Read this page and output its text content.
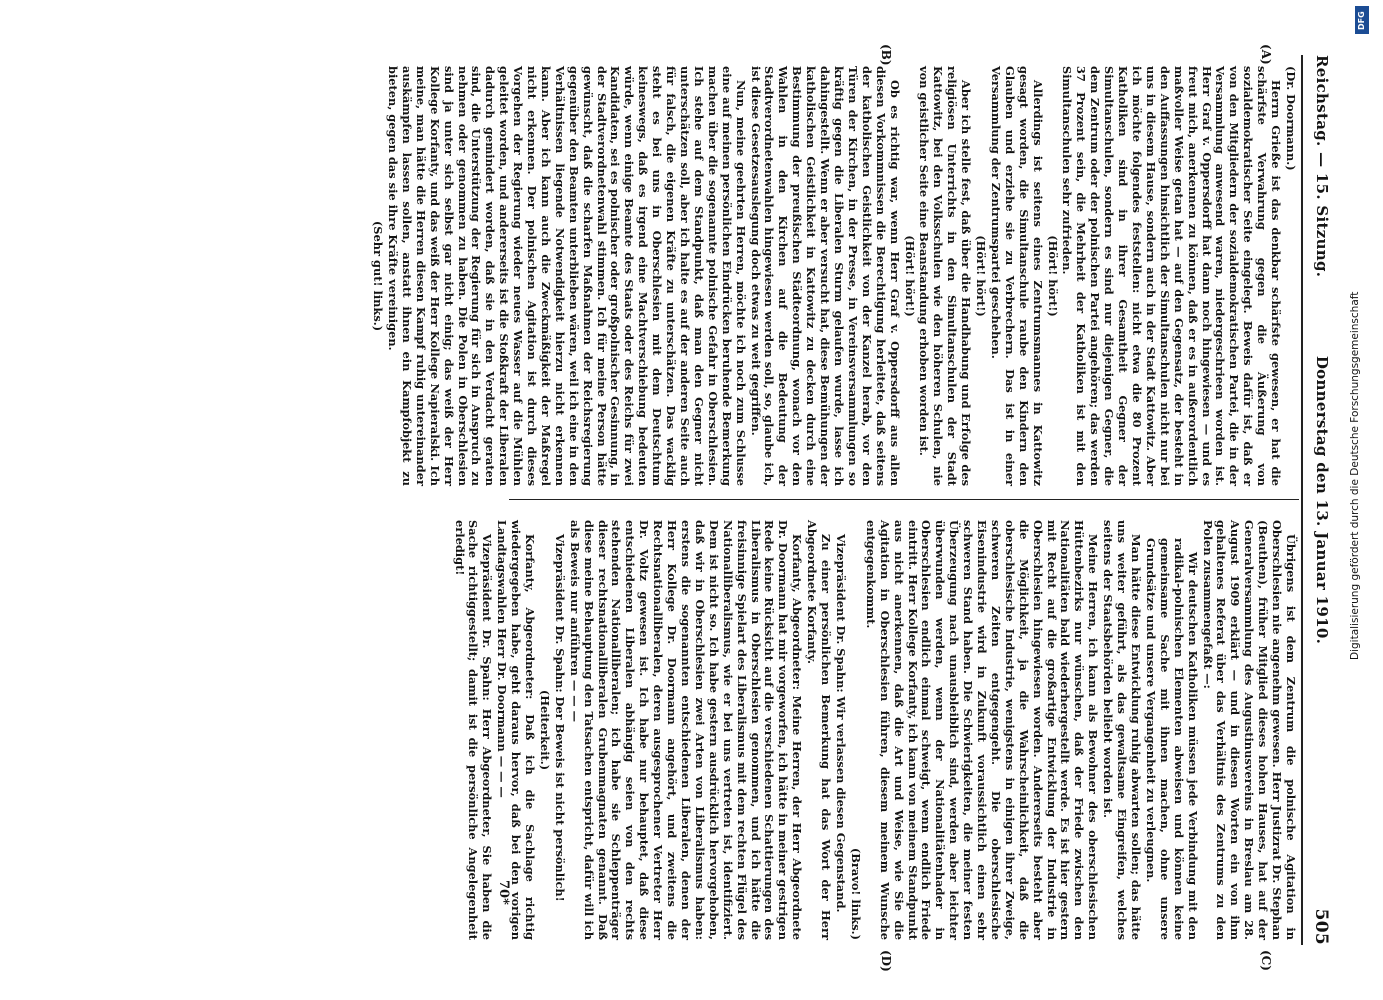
Reichstag. — 15. Sitzung.
Donnerstag den 13. Januar 1910.
505
(A)
(B)
(C)
(D)

(Dr. Doormann.)

Herrn Grieße ist das denkbar schärfste gewesen, er hat die schärfste Verwahrung gegen die Äußerung von sozialdemokratischer Seite eingelegt. Beweis dafür ist, daß er von den Mitgliedern der sozialdemokratischen Partei, die in der Versammlung anwesend waren, niedergeschrieen worden ist. Herr Graf v. Oppersdorff hat dann noch hingewiesen — und es freut mich, anerkennen zu können, daß er es in außerordentlich maßvoller Weise getan hat — auf den Gegensatz, der besteht in den Auffassungen hinsichtlich der Simultanschulen nicht nur bei uns in diesem Hause, sondern auch in der Stadt Kattowitz. Aber ich möchte folgendes feststellen: nicht etwa die 80 Prozent Katholiken sind in ihrer Gesamtheit Gegner der Simultanschulen, sondern es sind nur diejenigen Gegner, die dem Zentrum oder der polnischen Partei angehören; das werden 37 Prozent sein, die Mehrheit der Katholiken ist mit den Simultanschulen sehr zufrieden.

(Hört! hört!)

Allerdings ist seitens eines Zentrumsmannes in Kattowitz gesagt worden, die Simultanschule raube den Kindern den Glauben und erziehe sie zu Verbrechern. Das ist in einer Versammlung der Zentrumspartei geschehen.

(Hört! hört!)

Aber ich stelle fest, daß über die Handhabung und Erfolge des religiösen Unterrichts in den Simultanschulen der Stadt Kattowitz, bei den Volksschulen wie den höheren Schulen, nie von geistlicher Seite eine Beanstandung erhoben worden ist.

(Hört! hört!)

Ob es richtig war, wenn Herr Graf v. Oppersdorff aus allen diesen Vorkommnissen die Berechtigung herleitete, daß seitens der katholischen Geistlichkeit von der Kanzel herab, vor den Türen der Kirchen, in der Presse, in Vereinsversammlungen so kräftig gegen die Liberalen Sturm gelaufen wurde, lasse ich dahingestellt. Wenn er aber versucht hat, diese Bemühungen der katholischen Geistlichkeit in Kattowitz zu decken durch eine Bestimmung der preußischen Städteordnung, wonach vor den Wahlen in den Kirchen auf die Bedeutung der Stadtverordnetenwahlen hingewiesen werden soll, so, glaube ich, ist diese Gesetzesauslegung doch etwas zu weit gegriffen.

Nun, meine geehrten Herren, möchte ich noch zum Schlusse eine auf meinen persönlichen Eindrücken beruhende Bemerkung machen über die sogenannte polnische Gefahr in Oberschlesien. Ich stehe auf dem Standpunkt, daß man den Gegner nicht unterschätzen soll, aber ich halte es auf der anderen Seite auch für falsch, die eigenen Kräfte zu unterschätzen. Das wacklig steht es bei uns in Oberschlesien mit dem Deutschtum keineswegs, daß es irgend eine Machtverschiebung bedeuten würde, wenn einige Beamte des Staats oder des Reichs für zwei Kandidaten, sei es polnischer oder großpolnischer Gesinnung, in der Stadtverordnetenwahl stimmen. Ich für meine Person hätte gewünscht, daß die scharfen Maßnahmen der Reichsregierung gegenüber den Beamten unterblieben wären, weil ich eine in den Verhältnissen liegende Notwendigkeit hierzu nicht erkennen kann. Aber ich kann auch die Zweckmäßigkeit der Maßregel nicht erkennen. Der polnischen Agitation ist durch dieses Vorgehen der Regierung wieder neues Wasser auf die Mühlen geleitet worden, und andererseits ist die Stoßkraft der Liberalen dadurch gemindert worden, daß sie in den Verdacht geraten sind, die Unterstützung der Regierung für sich in Anspruch zu nehmen oder genommen zu haben. Die Polen in Oberschlesien sind ja unter sich selbst gar nicht einig; das weiß der Herr Kollege Korfanty, und das weiß der Herr Kollege Napieralski. Ich meine, man hätte die Herren diesen Kampf ruhig untereinander auskämpfen lassen sollen, anstatt ihnen ein Kampfobjekt zu bieten, gegen das sie ihre Kräfte vereinigen.

(Sehr gut! links.)

Übrigens ist dem Zentrum die polnische Agitation in Oberschlesien nie angenehm gewesen. Herr Justizrat Dr. Stephan (Beuthen), früher Mitglied dieses hohen Hauses, hat auf der Generalversammlung des Augustinusvereins in Breslau am 28. August 1909 erklärt — und in diesen Worten ein von ihm gehaltenes Referat über das Verhältnis des Zentrums zu den Polen zusammengefaßt —:

Wir deutschen Katholiken müssen jede Verbindung mit den radikal-polnischen Elementen abweisen und können keine gemeinsame Sache mit ihnen machen, ohne unsere Grundsätze und unsere Vergangenheit zu verleugnen.

Man hätte diese Entwicklung ruhig abwarten sollen; das hätte uns weiter geführt, als das gewaltsame Eingreifen, welches seitens der Staatsbehörden beliebt worden ist.

Meine Herren, ich kann als Bewohner des oberschlesischen Hüttenbezirks nur wünschen, daß der Friede zwischen den Nationalitäten bald wiederhergestellt werde. Es ist hier gestern mit Recht auf die großartige Entwicklung der Industrie in Oberschlesien hingewiesen worden. Andererseits besteht aber die Möglichkeit, ja die Wahrscheinlichkeit, daß die oberschlesische Industrie, wenigstens in einigen ihrer Zweige, schweren Zeiten entgegengeht. Die oberschlesische Eisenindustrie wird in Zukunft voraussichtlich einen sehr schweren Stand haben. Die Schwierigkeiten, die meiner festen Überzeugung nach unausbleiblich sind, werden aber leichter überwunden werden, wenn der Nationalitätenhader in Oberschlesien endlich einmal schweigt, wenn endlich Friede eintritt. Herr Kollege Korfanty, ich kann von meinem Standpunkt aus nicht anerkennen, daß die Art und Weise, wie Sie die Agitation in Oberschlesien führen, diesem meinem Wunsche entgegenkommt.

(Bravo! links.)

Vizepräsident Dr. Spahn: Wir verlassen diesen Gegenstand.

Zu einer persönlichen Bemerkung hat das Wort der Herr Abgeordnete Korfanty.

Korfanty, Abgeordneter: Meine Herren, der Herr Abgeordnete Dr. Doormann hat mir vorgeworfen, ich hätte in meiner gestrigen Rede keine Rücksicht auf die verschiedenen Schattierungen des Liberalismus in Oberschlesien genommen, und ich hätte die freisinnige Spielart des Liberalismus mit dem rechten Flügel des Nationalliberalismus, wie er bei uns vertreten ist, identifiziert. Dem ist nicht so. Ich habe gestern ausdrücklich hervorgehoben, daß wir in Oberschlesien zwei Arten von Liberalismus haben: erstens die sogenannten entschiedenen Liberalen, denen der Herr Kollege Dr. Doormann angehört, und zweitens die Rechtsnationalliberalen, deren ausgesprochener Vertreter Herr Dr. Voltz gewesen ist. Ich habe nur behauptet, daß diese entschiedenen Liberalen abhängig seien von den rechts stehenden Nationalliberalen; ich habe sie Schleppenträger dieser rechtsnationalliberalen Grubenmagnaten genannt. Daß diese meine Behauptung den Tatsachen entspricht, dafür will ich als Beweis nur anführen — — —

Vizepräsident Dr. Spahn: Der Beweis ist nicht persönlich!

(Heiterkeit.)

Korfanty, Abgeordneter: Daß ich die Sachlage richtig wiedergegeben habe, geht daraus hervor, daß bei den vorigen Landtagswahlen Herr Dr. Doormann — — —

Vizepräsident Dr. Spahn: Herr Abgeordneter, Sie haben die Sache richtiggestellt; damit ist die persönliche Angelegenheit erledigt!

70*
DFG
Digitalisierung gefördert durch die Deutsche Forschungsgemeinschaft
